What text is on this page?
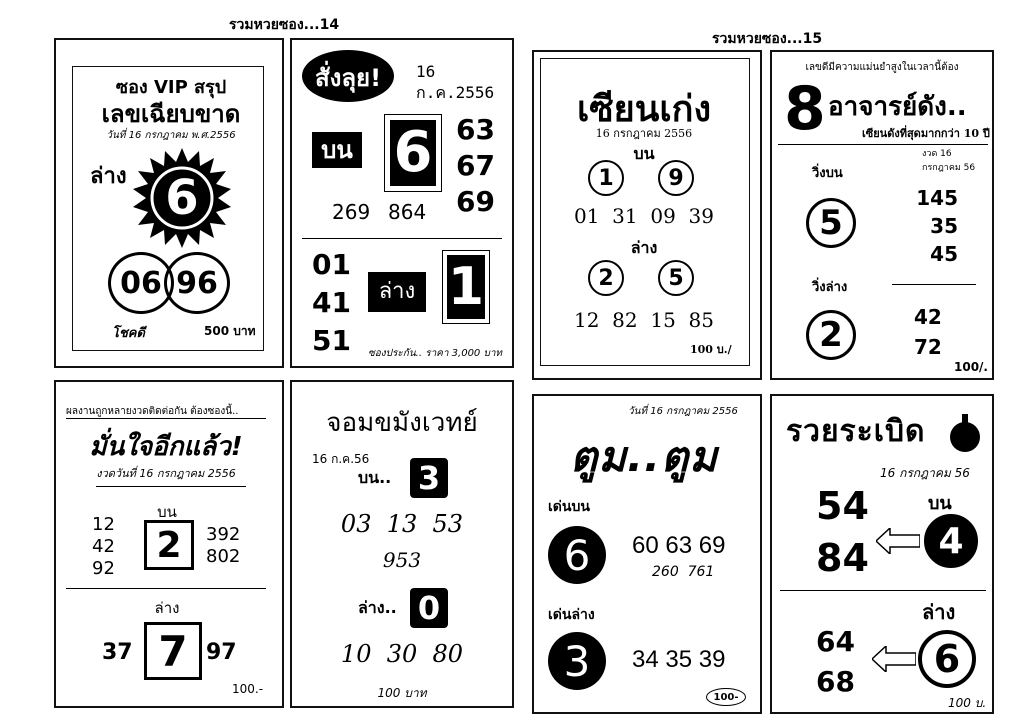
รวมหวยซอง...14
รวมหวยซอง...15
ซอง VIP สรุป
เลขเฉียบขาด
วันที่ 16 กรกฎาคม พ.ศ.2556
ล่าง 6
06 96
โชคดี	500 บาท
สั่งลุย!	16 ก.ค.2556
บน 6 63
67
69
269 864
01
41
51
ล่าง 1
ซองประกัน.. ราคา 3,000 บาท
เซียนเก่ง
16 กรกฎาคม 2556
บน
1	9
01  31  09  39
ล่าง
2	5
12  82  15  85
100 บ./
เลขดีมีความแม่นยำสูงในเวลานี้ต้อง
8 อาจารย์ดัง..
เซียนดังที่สุดมากกว่า 10 ปี
งวด 16 กรกฎาคม 56
วิ่งบน
5
145
35
45
วิ่งล่าง
2	42
72
100/.
ผลงานถูกหลายงวดติดต่อกัน ต้องซองนี้..
มั่นใจอีกแล้ว!
งวดวันที่ 16 กรกฎาคม 2556
บน
12
42
92
2	392
802
ล่าง
7
37	97
100.-
จอมขมังเวทย์
16 ก.ค.56
บน.. 3
03  13  53
953
ล่าง.. 0
10  30  80
100 บาท
วันที่ 16 กรกฎาคม 2556
ตูม..ตูม
เด่นบน
6	60 63 69
260  761
เด่นล่าง
3	34 35 39
100-
รวยระเบิด
16 กรกฎาคม 56
54
84
บน
4
ล่าง
64
68
6
100 บ.
